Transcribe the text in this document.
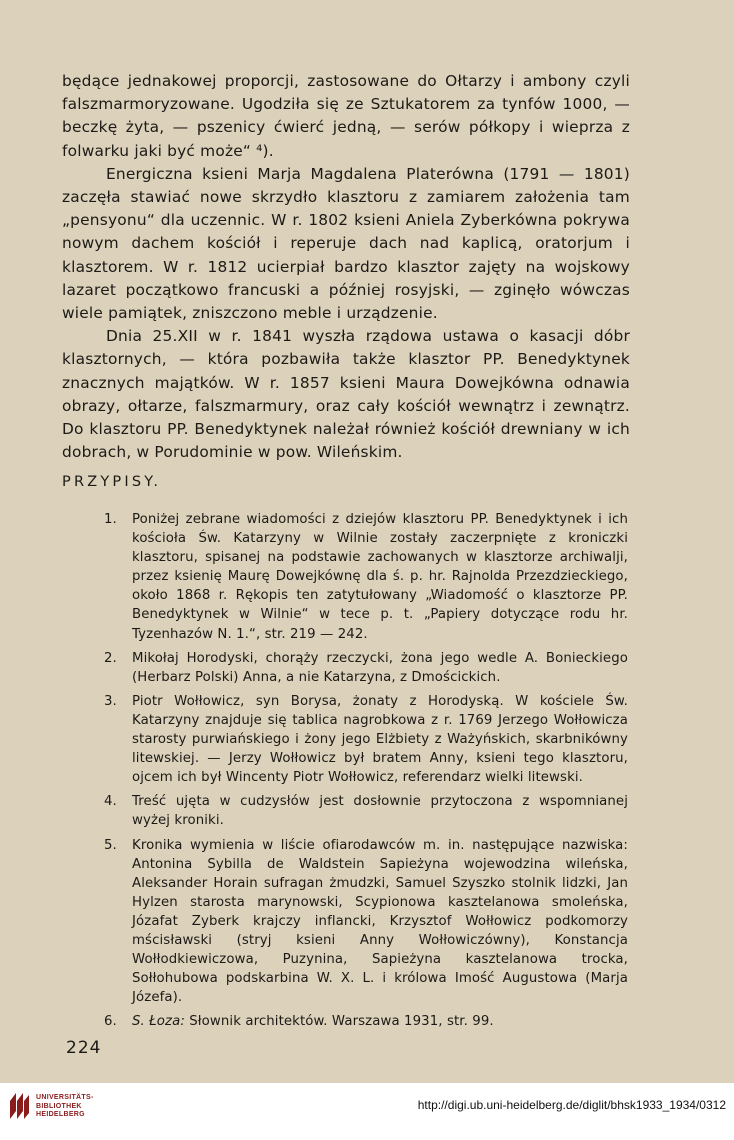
będące jednakowej proporcji, zastosowane do Ołtarzy i ambony czyli falszmarmoryzowane. Ugodziła się ze Sztukatorem za tynfów 1000, — beczkę żyta, — pszenicy ćwierć jedną, — serów półkopy i wieprza z folwarku jaki być może“ ⁴).

Energiczna ksieni Marja Magdalena Platerówna (1791 — 1801) zaczęła stawiać nowe skrzydło klasztoru z zamiarem założenia tam „pensyonu“ dla uczennic. W r. 1802 ksieni Aniela Zyberkówna pokrywa nowym dachem kościół i reperuje dach nad kaplicą, oratorjum i klasztorem. W r. 1812 ucierpiał bardzo klasztor zajęty na wojskowy lazaret początkowo francuski a później rosyjski, — zginęło wówczas wiele pamiątek, zniszczono meble i urządzenie.

Dnia 25.XII w r. 1841 wyszła rządowa ustawa o kasacji dóbr klasztornych, — która pozbawiła także klasztor PP. Benedyktynek znacznych majątków. W r. 1857 ksieni Maura Dowejkówna odnawia obrazy, ołtarze, falszmarmury, oraz cały kościół wewnątrz i zewnątrz. Do klasztoru PP. Benedyktynek należał również kościół drewniany w ich dobrach, w Porudominie w pow. Wileńskim.

PRZYPISY.
1. Poniżej zebrane wiadomości z dziejów klasztoru PP. Benedyktynek i ich kościoła Św. Katarzyny w Wilnie zostały zaczerpnięte z kroniczki klasztoru, spisanej na podstawie zachowanych w klasztorze archiwalji, przez ksienię Maurę Dowejkównę dla ś. p. hr. Rajnolda Przezdzieckiego, około 1868 r. Rękopis ten zatytułowany „Wiadomość o klasztorze PP. Benedyktynek w Wilnie“ w tece p. t. „Papiery dotyczące rodu hr. Tyzenhazów N. 1.“, str. 219 — 242.
2. Mikołaj Horodyski, chorąży rzeczycki, żona jego wedle A. Bonieckiego (Herbarz Polski) Anna, a nie Katarzyna, z Dmościckich.
3. Piotr Wołłowicz, syn Borysa, żonaty z Horodyską. W kościele Św. Katarzyny znajduje się tablica nagrobkowa z r. 1769 Jerzego Wołłowicza starosty purwiańskiego i żony jego Elżbiety z Ważyńskich, skarbnikówny litewskiej. — Jerzy Wołłowicz był bratem Anny, ksieni tego klasztoru, ojcem ich był Wincenty Piotr Wołłowicz, referendarz wielki litewski.
4. Treść ujęta w cudzysłów jest dosłownie przytoczona z wspomnianej wyżej kroniki.
5. Kronika wymienia w liście ofiarodawców m. in. następujące nazwiska: Antonina Sybilla de Waldstein Sapieżyna wojewodzina wileńska, Aleksander Horain sufragan żmudzki, Samuel Szyszko stolnik lidzki, Jan Hylzen starosta marynowski, Scypionowa kasztelanowa smoleńska, Józafat Zyberk krajczy inflancki, Krzysztof Wołłowicz podkomorzy mścisławski (stryj ksieni Anny Wołłowiczówny), Konstancja Wołłodkiewiczowa, Puzynina, Sapieżyna kasztelanowa trocka, Sołłohubowa podskarbina W. X. L. i królowa Imość Augustowa (Marja Józefa).
6. S. Łoza: Słownik architektów. Warszawa 1931, str. 99.
224
UNIVERSITÄTS-
BIBLIOTHEK
HEIDELBERG
http://digi.ub.uni-heidelberg.de/diglit/bhsk1933_1934/0312
